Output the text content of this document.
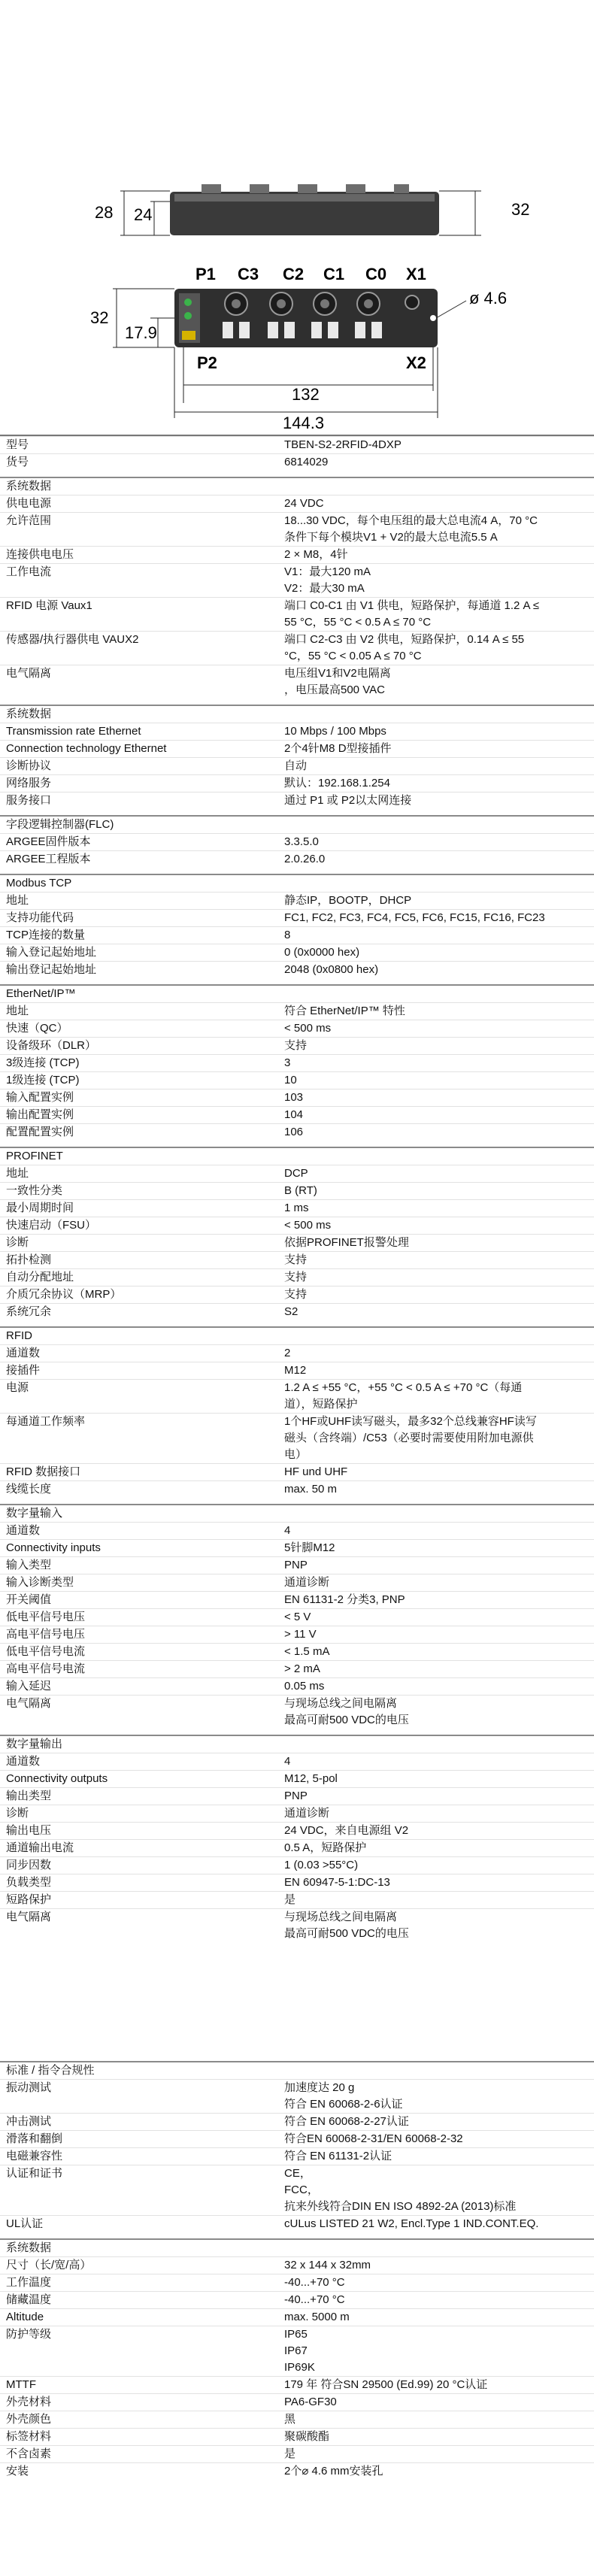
28 24	32
P1 C3 C2 C1 C0 X1
32
17.9
ø 4.6
P2	X2
132
144.3
型号	TBEN-S2-2RFID-4DXP
货号	6814029
系统数据
供电电源	24 VDC
允许范围	18...30 VDC，每个电压组的最大总电流4 A，70 °C
条件下每个模块V1 + V2的最大总电流5.5 A
连接供电电压	2 × M8，4针
工作电流	V1：最大120 mA
V2：最大30 mA
RFID 电源 Vaux1	端口 C0-C1 由 V1 供电，短路保护，每通道 1.2 A ≤
55 °C，55 °C < 0.5 A ≤ 70 °C
传感器/执行器供电 VAUX2	端口 C2-C3 由 V2 供电，短路保护，0.14 A ≤ 55
°C，55 °C < 0.05 A ≤ 70 °C
电气隔离	电压组V1和V2电隔离
，电压最高500 VAC
系统数据
Transmission rate Ethernet	10 Mbps / 100 Mbps
Connection technology Ethernet	2个4针M8 D型接插件
诊断协议	自动
网络服务	默认：192.168.1.254
服务接口	通过 P1 或 P2以太网连接
字段逻辑控制器(FLC)
ARGEE固件版本	3.3.5.0
ARGEE工程版本	2.0.26.0
Modbus TCP
地址	静态IP，BOOTP，DHCP
支持功能代码	FC1, FC2, FC3, FC4, FC5, FC6, FC15, FC16, FC23
TCP连接的数量	8
输入登记起始地址	0 (0x0000 hex)
输出登记起始地址	2048 (0x0800 hex)
EtherNet/IP™
地址	符合 EtherNet/IP™ 特性
快速（QC）	< 500 ms
设备级环（DLR）	支持
3级连接 (TCP)	3
1级连接 (TCP)	10
输入配置实例	103
输出配置实例	104
配置配置实例	106
PROFINET
地址	DCP
一致性分类	B (RT)
最小周期时间	1 ms
快速启动（FSU）	< 500 ms
诊断	依据PROFINET报警处理
拓扑检测	支持
自动分配地址	支持
介质冗余协议（MRP）	支持
系统冗余	S2
RFID
通道数	2
接插件	M12
电源	1.2 A ≤ +55 °C，+55 °C < 0.5 A ≤ +70 °C（每通
道），短路保护
每通道工作频率	1个HF或UHF读写磁头，最多32个总线兼容HF读写
磁头（含终端）/C53（必要时需要使用附加电源供
电）
RFID 数据接口	HF und UHF
线缆长度	max. 50 m
数字量输入
通道数	4
Connectivity inputs	5针脚M12
输入类型	PNP
输入诊断类型	通道诊断
开关阈值	EN 61131-2 分类3, PNP
低电平信号电压	< 5 V
高电平信号电压	> 11 V
低电平信号电流	< 1.5 mA
高电平信号电流	> 2 mA
输入延迟	0.05 ms
电气隔离	与现场总线之间电隔离
最高可耐500 VDC的电压
数字量输出
通道数	4
Connectivity outputs	M12, 5-pol
输出类型	PNP
诊断	通道诊断
输出电压	24 VDC，来自电源组 V2
通道输出电流	0.5 A，短路保护
同步因数	1 (0.03 >55°C)
负载类型	EN 60947-5-1:DC-13
短路保护	是
电气隔离	与现场总线之间电隔离
最高可耐500 VDC的电压
标准 / 指令合规性
振动测试	加速度达 20 g
符合 EN 60068-2-6认证
冲击测试	符合 EN 60068-2-27认证
滑落和翻倒	符合EN 60068-2-31/EN 60068-2-32
电磁兼容性	符合 EN 61131-2认证
认证和证书	CE，
FCC，
抗来外线符合DIN EN ISO 4892-2A (2013)标准
UL认证	cULus LISTED 21 W2, Encl.Type 1 IND.CONT.EQ.
系统数据
尺寸（长/宽/高）	32 x 144 x 32mm
工作温度	-40...+70 °C
储藏温度	-40...+70 °C
Altitude	max. 5000 m
防护等级	IP65
IP67
IP69K
MTTF	179 年 符合SN 29500 (Ed.99) 20 °C认证
外壳材料	PA6-GF30
外壳颜色	黑
标签材料	聚碳酸酯
不含卤素	是
安装	2个⌀ 4.6 mm安装孔
